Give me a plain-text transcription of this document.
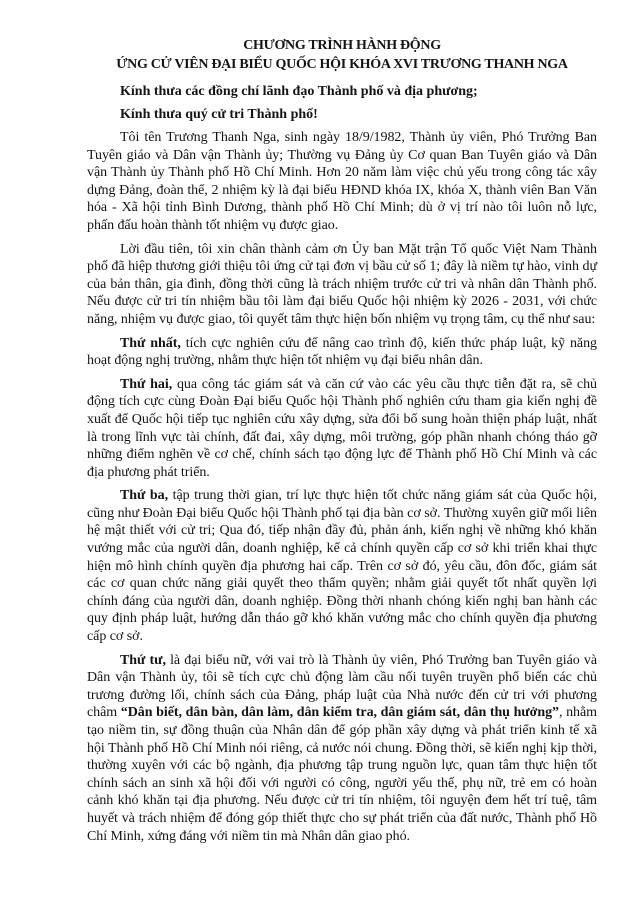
CHƯƠNG TRÌNH HÀNH ĐỘNG
ỨNG CỬ VIÊN ĐẠI BIỂU QUỐC HỘI KHÓA XVI TRƯƠNG THANH NGA

Kính thưa các đồng chí lãnh đạo Thành phố và địa phương;

Kính thưa quý cử tri Thành phố!

Tôi tên Trương Thanh Nga, sinh ngày 18/9/1982, Thành ủy viên, Phó Trưởng Ban Tuyên giáo và Dân vận Thành ủy; Thường vụ Đảng ủy Cơ quan Ban Tuyên giáo và Dân vận Thành ủy Thành phố Hồ Chí Minh. Hơn 20 năm làm việc chủ yếu trong công tác xây dựng Đảng, đoàn thể, 2 nhiệm kỳ là đại biểu HĐND khóa IX, khóa X, thành viên Ban Văn hóa - Xã hội tỉnh Bình Dương, thành phố Hồ Chí Minh; dù ở vị trí nào tôi luôn nỗ lực, phấn đấu hoàn thành tốt nhiệm vụ được giao.

Lời đầu tiên, tôi xin chân thành cảm ơn Ủy ban Mặt trận Tổ quốc Việt Nam Thành phố đã hiệp thương giới thiệu tôi ứng cử tại đơn vị bầu cử số 1; đây là niềm tự hào, vinh dự của bản thân, gia đình, đồng thời cũng là trách nhiệm trước cử tri và nhân dân Thành phố. Nếu được cử tri tín nhiệm bầu tôi làm đại biểu Quốc hội nhiệm kỳ 2026 - 2031, với chức năng, nhiệm vụ được giao, tôi quyết tâm thực hiện bốn nhiệm vụ trọng tâm, cụ thể như sau:

Thứ nhất, tích cực nghiên cứu để nâng cao trình độ, kiến thức pháp luật, kỹ năng hoạt động nghị trường, nhằm thực hiện tốt nhiệm vụ đại biểu nhân dân.

Thứ hai, qua công tác giám sát và căn cứ vào các yêu cầu thực tiễn đặt ra, sẽ chủ động tích cực cùng Đoàn Đại biểu Quốc hội Thành phố nghiên cứu tham gia kiến nghị đề xuất để Quốc hội tiếp tục nghiên cứu xây dựng, sửa đổi bổ sung hoàn thiện pháp luật, nhất là trong lĩnh vực tài chính, đất đai, xây dựng, môi trường, góp phần nhanh chóng tháo gỡ những điểm nghẽn về cơ chế, chính sách tạo động lực để Thành phố Hồ Chí Minh và các địa phương phát triển.

Thứ ba, tập trung thời gian, trí lực thực hiện tốt chức năng giám sát của Quốc hội, cũng như Đoàn Đại biểu Quốc hội Thành phố tại địa bàn cơ sở. Thường xuyên giữ mối liên hệ mật thiết với cử tri; Qua đó, tiếp nhận đầy đủ, phản ánh, kiến nghị về những khó khăn vướng mắc của người dân, doanh nghiệp, kể cả chính quyền cấp cơ sở khi triển khai thực hiện mô hình chính quyền địa phương hai cấp. Trên cơ sở đó, yêu cầu, đôn đốc, giám sát các cơ quan chức năng giải quyết theo thẩm quyền; nhằm giải quyết tốt nhất quyền lợi chính đáng của người dân, doanh nghiệp. Đồng thời nhanh chóng kiến nghị ban hành các quy định pháp luật, hướng dẫn tháo gỡ khó khăn vướng mắc cho chính quyền địa phương cấp cơ sở.

Thứ tư, là đại biểu nữ, với vai trò là Thành ủy viên, Phó Trưởng ban Tuyên giáo và Dân vận Thành ủy, tôi sẽ tích cực chủ động làm cầu nối tuyên truyền phổ biến các chủ trương đường lối, chính sách của Đảng, pháp luật của Nhà nước đến cử tri với phương châm “Dân biết, dân bàn, dân làm, dân kiểm tra, dân giám sát, dân thụ hưởng”, nhằm tạo niềm tin, sự đồng thuận của Nhân dân để góp phần xây dựng và phát triển kinh tế xã hội Thành phố Hồ Chí Minh nói riêng, cả nước nói chung. Đồng thời, sẽ kiến nghị kịp thời, thường xuyên với các bộ ngành, địa phương tập trung nguồn lực, quan tâm thực hiện tốt chính sách an sinh xã hội đối với người có công, người yếu thế, phụ nữ, trẻ em có hoàn cảnh khó khăn tại địa phương. Nếu được cử tri tín nhiệm, tôi nguyện đem hết trí tuệ, tâm huyết và trách nhiệm để đóng góp thiết thực cho sự phát triển của đất nước, Thành phố Hồ Chí Minh, xứng đáng với niềm tin mà Nhân dân giao phó.
